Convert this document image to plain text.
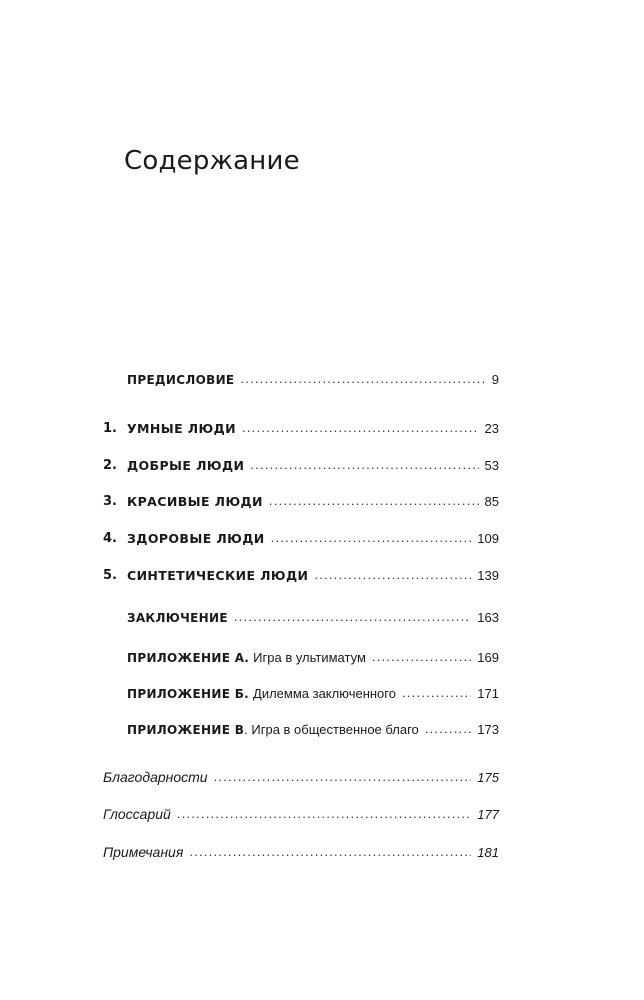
Содержание
ПРЕДИСЛОВИЕ . . .	9
1. УМНЫЕ ЛЮДИ . . .	23
2. ДОБРЫЕ ЛЮДИ . . .	53
3. КРАСИВЫЕ ЛЮДИ . . .	85
4. ЗДОРОВЫЕ ЛЮДИ . . .	109
5. СИНТЕТИЧЕСКИЕ ЛЮДИ . . .	139
ЗАКЛЮЧЕНИЕ . . .	163
ПРИЛОЖЕНИЕ А. Игра в ультиматум . . .	169
ПРИЛОЖЕНИЕ Б. Дилемма заключенного . . .	171
ПРИЛОЖЕНИЕ В . Игра в общественное благо . . .	173
Благодарности . . .	175
Глоссарий . . .	177
Примечания . . .	181
